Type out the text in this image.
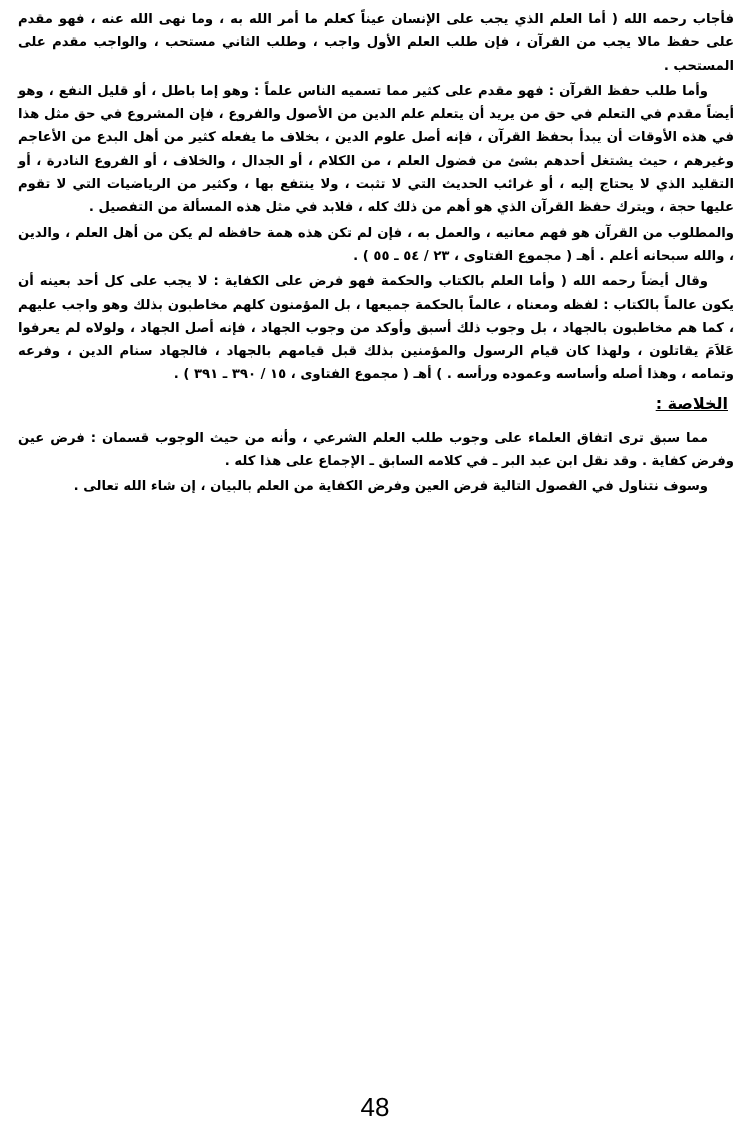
فأجاب رحمه الله ( أما العلم الذي يجب على الإنسان عيناً كعلم ما أمر الله به ، وما نهى الله عنه ، فهو مقدم على حفظ مالا يجب من القرآن ، فإن طلب العلم الأول واجب ، وطلب الثاني مستحب ، والواجب مقدم على المستحب .

وأما طلب حفظ القرآن : فهو مقدم على كثير مما تسميه الناس علماً : وهو إما باطل ، أو قليل النفع ، وهو أيضاً مقدم في التعلم في حق من يريد أن يتعلم علم الدين من الأصول والفروع ، فإن المشروع في حق مثل هذا في هذه الأوقات أن يبدأ بحفظ القرآن ، فإنه أصل علوم الدين ، بخلاف ما يفعله كثير من أهل البدع من الأعاجم وغيرهم ، حيث يشتغل أحدهم بشئ من فضول العلم ، من الكلام ، أو الجدال ، والخلاف ، أو الفروع النادرة ، أو التقليد الذي لا يحتاج إليه ، أو غرائب الحديث التي لا تثبت ، ولا ينتفع بها ، وكثير من الرياضيات التي لا تقوم عليها حجة ، ويترك حفظ القرآن الذي هو أهم من ذلك كله ، فلابد في مثل هذه المسألة من التفصيل .

والمطلوب من القرآن هو فهم معانيه ، والعمل به ، فإن لم تكن هذه همة حافظه لم يكن من أهل العلم ، والدين ، والله سبحانه أعلم . أهـ ( مجموع الفتاوى ، ٢٣ / ٥٤ ـ ٥٥ ) .

وقال أيضاً رحمه الله ( وأما العلم بالكتاب والحكمة فهو فرض على الكفاية : لا يجب على كل أحد بعينه أن يكون عالماً بالكتاب : لفظه ومعناه ، عالماً بالحكمة جميعها ، بل المؤمنون كلهم مخاطبون بذلك وهو واجب عليهم ، كما هم مخاطبون بالجهاد ، بل وجوب ذلك أسبق وأوكد من وجوب الجهاد ، فإنه أصل الجهاد ، ولولاه لم يعرفوا عَلاَمَ يقاتلون ، ولهذا كان قيام الرسول والمؤمنين بذلك قبل قيامهم بالجهاد ، فالجهاد سنام الدين ، وفرعه وتمامه ، وهذا أصله وأساسه وعموده ورأسه . ) أهـ ( مجموع الفتاوى ، ١٥ / ٣٩٠ ـ ٣٩١ ) .

الخلاصة :

مما سبق ترى اتفاق العلماء على وجوب طلب العلم الشرعي ، وأنه من حيث الوجوب قسمان : فرض عين وفرض كفاية . وقد نقل ابن عبد البر ـ في كلامه السابق ـ الإجماع على هذا كله .

وسوف نتناول في الفصول التالية فرض العين وفرض الكفاية من العلم بالبيان ، إن شاء الله تعالى .

48
